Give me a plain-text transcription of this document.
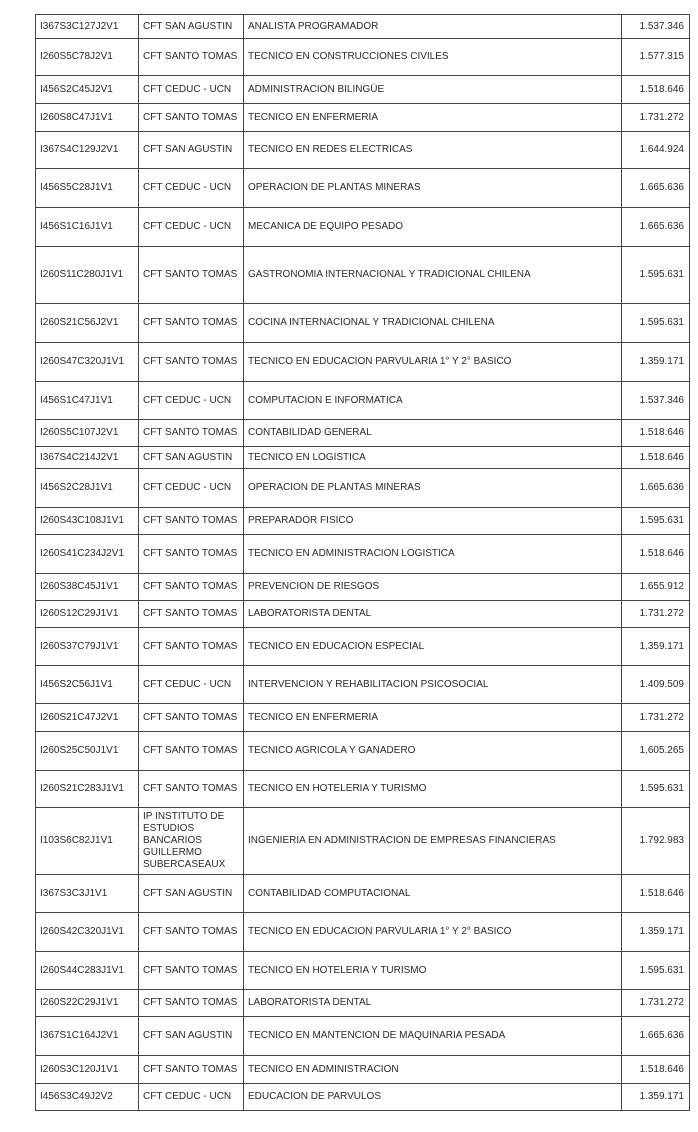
I367S3C127J2V1	CFT SAN AGUSTIN	ANALISTA PROGRAMADOR	1.537.346
I260S5C78J2V1	CFT SANTO TOMAS	TECNICO EN CONSTRUCCIONES CIVILES	1.577.315
I456S2C45J2V1	CFT CEDUC - UCN	ADMINISTRACION BILINGÜE	1.518.646
I260S8C47J1V1	CFT SANTO TOMAS	TECNICO EN ENFERMERIA	1.731.272
I367S4C129J2V1	CFT SAN AGUSTIN	TECNICO EN REDES ELECTRICAS	1.644.924
I456S5C28J1V1	CFT CEDUC - UCN	OPERACION DE PLANTAS MINERAS	1.665.636
I456S1C16J1V1	CFT CEDUC - UCN	MECANICA DE EQUIPO PESADO	1.665.636
I260S11C280J1V1	CFT SANTO TOMAS	GASTRONOMIA INTERNACIONAL Y TRADICIONAL CHILENA	1.595.631
I260S21C56J2V1	CFT SANTO TOMAS	COCINA INTERNACIONAL Y TRADICIONAL CHILENA	1.595.631
I260S47C320J1V1	CFT SANTO TOMAS	TECNICO EN EDUCACION PARVULARIA 1° Y 2° BASICO	1.359.171
I456S1C47J1V1	CFT CEDUC - UCN	COMPUTACION E INFORMATICA	1.537.346
I260S5C107J2V1	CFT SANTO TOMAS	CONTABILIDAD GENERAL	1.518.646
I367S4C214J2V1	CFT SAN AGUSTIN	TECNICO EN LOGISTICA	1.518.646
I456S2C28J1V1	CFT CEDUC - UCN	OPERACION DE PLANTAS MINERAS	1.665.636
I260S43C108J1V1	CFT SANTO TOMAS	PREPARADOR FISICO	1.595.631
I260S41C234J2V1	CFT SANTO TOMAS	TECNICO EN ADMINISTRACION LOGISTICA	1.518.646
I260S38C45J1V1	CFT SANTO TOMAS	PREVENCION DE RIESGOS	1.655.912
I260S12C29J1V1	CFT SANTO TOMAS	LABORATORISTA DENTAL	1.731.272
I260S37C79J1V1	CFT SANTO TOMAS	TECNICO EN EDUCACION ESPECIAL	1.359.171
I456S2C56J1V1	CFT CEDUC - UCN	INTERVENCION Y REHABILITACION PSICOSOCIAL	1.409.509
I260S21C47J2V1	CFT SANTO TOMAS	TECNICO EN ENFERMERIA	1.731.272
I260S25C50J1V1	CFT SANTO TOMAS	TECNICO AGRICOLA Y GANADERO	1.605.265
I260S21C283J1V1	CFT SANTO TOMAS	TECNICO EN HOTELERIA Y TURISMO	1.595.631
I103S6C82J1V1	IP INSTITUTO DE ESTUDIOS BANCARIOS GUILLERMO SUBERCASEAUX	INGENIERIA EN ADMINISTRACION DE EMPRESAS FINANCIERAS	1.792.983
I367S3C3J1V1	CFT SAN AGUSTIN	CONTABILIDAD COMPUTACIONAL	1.518.646
I260S42C320J1V1	CFT SANTO TOMAS	TECNICO EN EDUCACION PARVULARIA 1° Y 2° BASICO	1.359.171
I260S44C283J1V1	CFT SANTO TOMAS	TECNICO EN HOTELERIA Y TURISMO	1.595.631
I260S22C29J1V1	CFT SANTO TOMAS	LABORATORISTA DENTAL	1.731.272
I367S1C164J2V1	CFT SAN AGUSTIN	TECNICO EN MANTENCION DE MAQUINARIA PESADA	1.665.636
I260S3C120J1V1	CFT SANTO TOMAS	TECNICO EN ADMINISTRACION	1.518.646
I456S3C49J2V2	CFT CEDUC - UCN	EDUCACION DE PARVULOS	1.359.171
